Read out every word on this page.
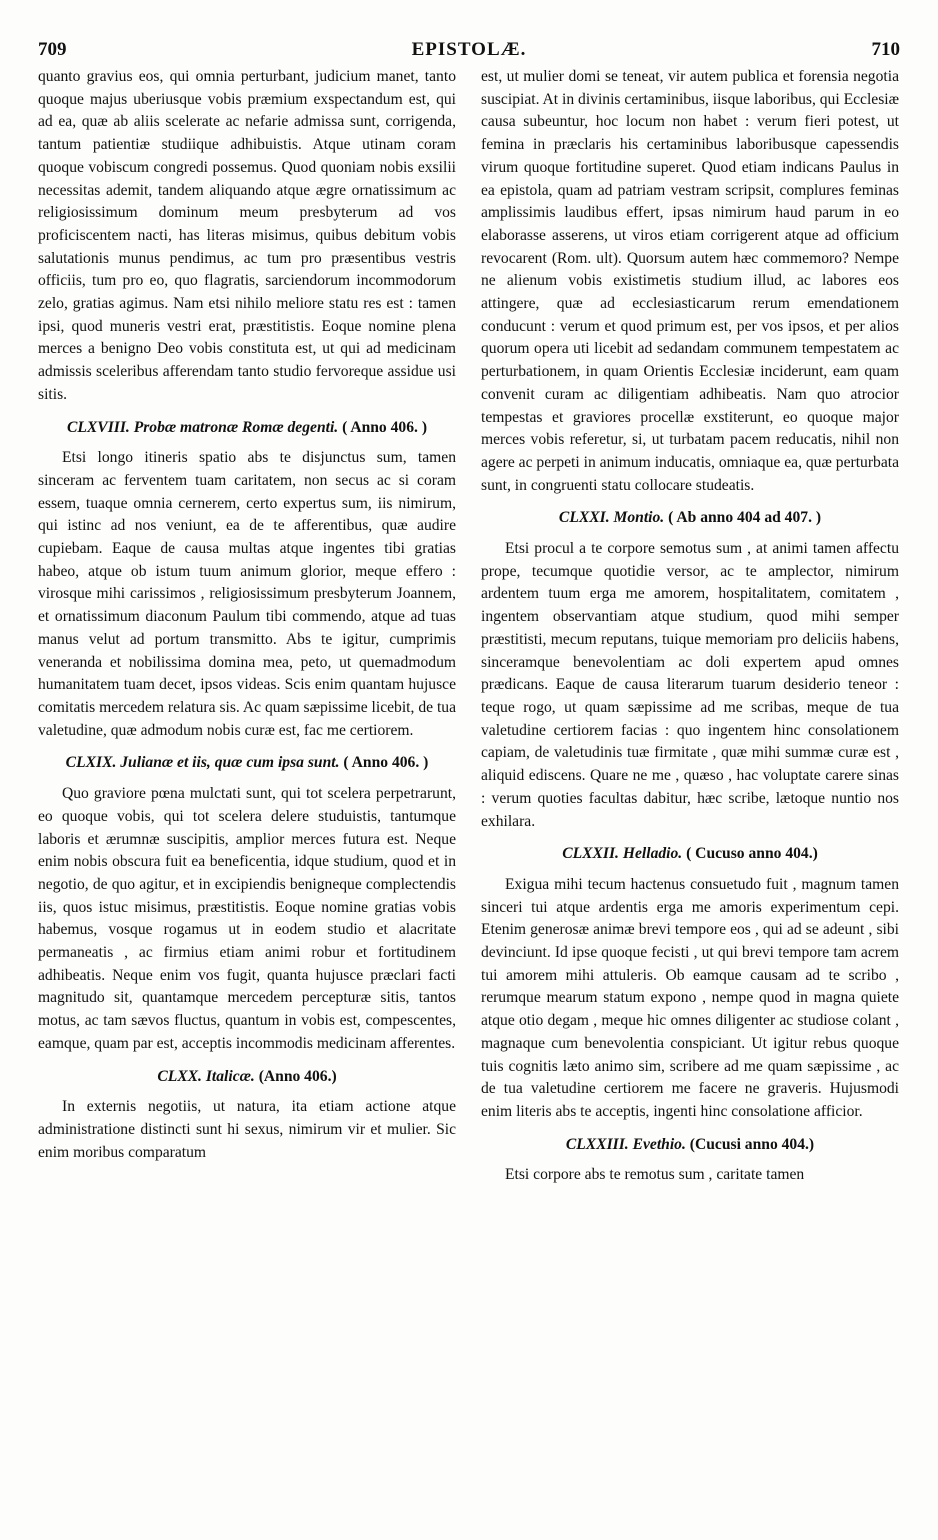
709	EPISTOLÆ.	710

quanto gravius eos, qui omnia perturbant, judicium manet, tanto quoque majus uberiusque vobis præmium exspectandum est, qui ad ea, quæ ab aliis scelerate ac nefarie admissa sunt, corrigenda, tantum patientiæ studiique adhibuistis. Atque utinam coram quoque vobiscum congredi possemus. Quod quoniam nobis exsilii necessitas ademit, tandem aliquando atque ægre ornatissimum ac religiosissimum dominum meum presbyterum ad vos proficiscentem nacti, has literas misimus, quibus debitum vobis salutationis munus pendimus, ac tum pro præsentibus vestris officiis, tum pro eo, quo flagratis, sarciendorum incommodorum zelo, gratias agimus. Nam etsi nihilo meliore statu res est : tamen ipsi, quod muneris vestri erat, præstitistis. Eoque nomine plena merces a benigno Deo vobis constituta est, ut qui ad medicinam admissis sceleribus afferendam tanto studio fervoreque assidue usi sitis.

CLXVIII. Probæ matronæ Romæ degenti. ( Anno 406. )

Etsi longo itineris spatio abs te disjunctus sum, tamen sinceram ac ferventem tuam caritatem, non secus ac si coram essem, tuaque omnia cernerem, certo expertus sum, iis nimirum, qui istinc ad nos veniunt, ea de te afferentibus, quæ audire cupiebam. Eaque de causa multas atque ingentes tibi gratias habeo, atque ob istum tuum animum glorior, meque effero : virosque mihi carissimos , religiosissimum presbyterum Joannem, et ornatissimum diaconum Paulum tibi commendo, atque ad tuas manus velut ad portum transmitto. Abs te igitur, cumprimis veneranda et nobilissima domina mea, peto, ut quemadmodum humanitatem tuam decet, ipsos videas. Scis enim quantam hujusce comitatis mercedem relatura sis. Ac quam sæpissime licebit, de tua valetudine, quæ admodum nobis curæ est, fac me certiorem.

CLXIX. Julianæ et iis, quæ cum ipsa sunt. ( Anno 406. )

Quo graviore pœna mulctati sunt, qui tot scelera perpetrarunt, eo quoque vobis, qui tot scelera delere studuistis, tantumque laboris et ærumnæ suscipitis, amplior merces futura est. Neque enim nobis obscura fuit ea beneficentia, idque studium, quod et in negotio, de quo agitur, et in excipiendis benigneque complectendis iis, quos istuc misimus, præstitistis. Eoque nomine gratias vobis habemus, vosque rogamus ut in eodem studio et alacritate permaneatis , ac firmius etiam animi robur et fortitudinem adhibeatis. Neque enim vos fugit, quanta hujusce præclari facti magnitudo sit, quantamque mercedem percepturæ sitis, tantos motus, ac tam sævos fluctus, quantum in vobis est, compescentes, eamque, quam par est, acceptis incommodis medicinam afferentes.

CLXX. Italicæ. (Anno 406.)

In externis negotiis, ut natura, ita etiam actione atque administratione distincti sunt hi sexus, nimirum vir et mulier. Sic enim moribus comparatum

est, ut mulier domi se teneat, vir autem publica et forensia negotia suscipiat. At in divinis certaminibus, iisque laboribus, qui Ecclesiæ causa subeuntur, hoc locum non habet : verum fieri potest, ut femina in præclaris his certaminibus laboribusque capessendis virum quoque fortitudine superet. Quod etiam indicans Paulus in ea epistola, quam ad patriam vestram scripsit, complures feminas amplissimis laudibus effert, ipsas nimirum haud parum in eo elaborasse asserens, ut viros etiam corrigerent atque ad officium revocarent (Rom. ult). Quorsum autem hæc commemoro? Nempe ne alienum vobis existimetis studium illud, ac labores eos attingere, quæ ad ecclesiasticarum rerum emendationem conducunt : verum et quod primum est, per vos ipsos, et per alios quorum opera uti licebit ad sedandam communem tempestatem ac perturbationem, in quam Orientis Ecclesiæ inciderunt, eam quam convenit curam ac diligentiam adhibeatis. Nam quo atrocior tempestas et graviores procellæ exstiterunt, eo quoque major merces vobis referetur, si, ut turbatam pacem reducatis, nihil non agere ac perpeti in animum inducatis, omniaque ea, quæ perturbata sunt, in congruenti statu collocare studeatis.

CLXXI. Montio. ( Ab anno 404 ad 407. )

Etsi procul a te corpore semotus sum , at animi tamen affectu prope, tecumque quotidie versor, ac te amplector, nimirum ardentem tuum erga me amorem, hospitalitatem, comitatem , ingentem observantiam atque studium, quod mihi semper præstitisti, mecum reputans, tuique memoriam pro deliciis habens, sinceramque benevolentiam ac doli expertem apud omnes prædicans. Eaque de causa literarum tuarum desiderio teneor : teque rogo, ut quam sæpissime ad me scribas, meque de tua valetudine certiorem facias : quo ingentem hinc consolationem capiam, de valetudinis tuæ firmitate , quæ mihi summæ curæ est , aliquid ediscens. Quare ne me , quæso , hac voluptate carere sinas : verum quoties facultas dabitur, hæc scribe, lætoque nuntio nos exhilara.

CLXXII. Helladio. ( Cucuso anno 404.)

Exigua mihi tecum hactenus consuetudo fuit , magnum tamen sinceri tui atque ardentis erga me amoris experimentum cepi. Etenim generosæ animæ brevi tempore eos , qui ad se adeunt , sibi devinciunt. Id ipse quoque fecisti , ut qui brevi tempore tam acrem tui amorem mihi attuleris. Ob eamque causam ad te scribo , rerumque mearum statum expono , nempe quod in magna quiete atque otio degam , meque hic omnes diligenter ac studiose colant , magnaque cum benevolentia conspiciant. Ut igitur rebus quoque tuis cognitis læto animo sim, scribere ad me quam sæpissime , ac de tua valetudine certiorem me facere ne graveris. Hujusmodi enim literis abs te acceptis, ingenti hinc consolatione afficior.

CLXXIII. Evethio. (Cucusi anno 404.)

Etsi corpore abs te remotus sum , caritate tamen
